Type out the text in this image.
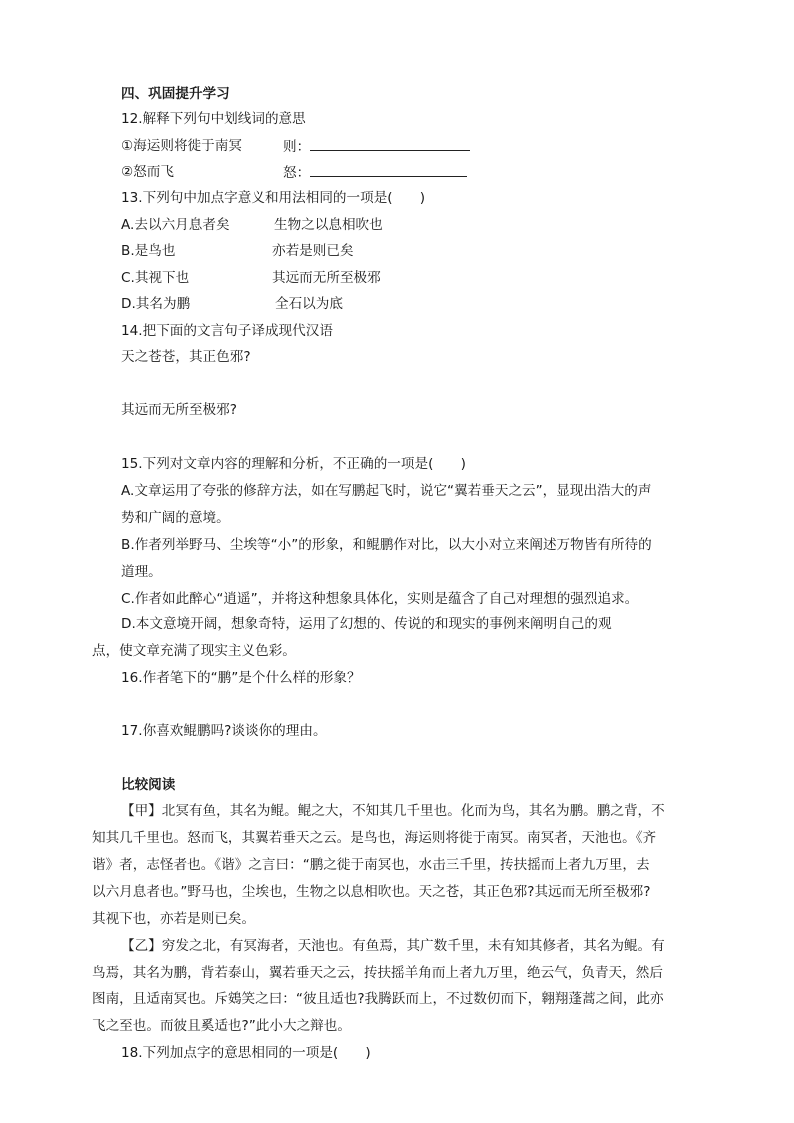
四、巩固提升学习
12.解释下列句中划线词的意思
①海运则将徙于南冥	则：
②怒而飞	怒：
13.下列句中加点字意义和用法相同的一项是(　　)
A.去以六月息者矣	生物之以息相吹也
B.是鸟也	亦若是则已矣
C.其视下也	其远而无所至极邪
D.其名为鹏	全石以为底
14.把下面的文言句子译成现代汉语
天之苍苍，其正色邪?
其远而无所至极邪?
15.下列对文章内容的理解和分析，不正确的一项是(　　)
A.文章运用了夸张的修辞方法，如在写鹏起飞时，说它“翼若垂天之云”，显现出浩大的声
势和广阔的意境。
B.作者列举野马、尘埃等“小”的形象，和鲲鹏作对比，以大小对立来阐述万物皆有所待的
道理。
C.作者如此醉心“逍遥”，并将这种想象具体化，实则是蕴含了自己对理想的强烈追求。
D.本文意境开阔，想象奇特，运用了幻想的、传说的和现实的事例来阐明自己的观
点，使文章充满了现实主义色彩。
16.作者笔下的“鹏”是个什么样的形象？
17.你喜欢鲲鹏吗?谈谈你的理由。
比较阅读
【甲】北冥有鱼，其名为鲲。鲲之大，不知其几千里也。化而为鸟，其名为鹏。鹏之背，不
知其几千里也。怒而飞，其翼若垂天之云。是鸟也，海运则将徙于南冥。南冥者，天池也。《齐
谐》者，志怪者也。《谐》之言曰：“鹏之徙于南冥也，水击三千里，抟扶摇而上者九万里，去
以六月息者也。”野马也，尘埃也，生物之以息相吹也。天之苍，其正色邪?其远而无所至极邪?
其视下也，亦若是则已矣。
【乙】穷发之北，有冥海者，天池也。有鱼焉，其广数千里，未有知其修者，其名为鲲。有
鸟焉，其名为鹏，背若泰山，翼若垂天之云，抟扶摇羊角而上者九万里，绝云气，负青天，然后
图南，且适南冥也。斥鴳笑之曰：“彼且适也?我腾跃而上，不过数仞而下，翱翔蓬蒿之间，此亦
飞之至也。而彼且奚适也?”此小大之辩也。
18.下列加点字的意思相同的一项是(　　)
